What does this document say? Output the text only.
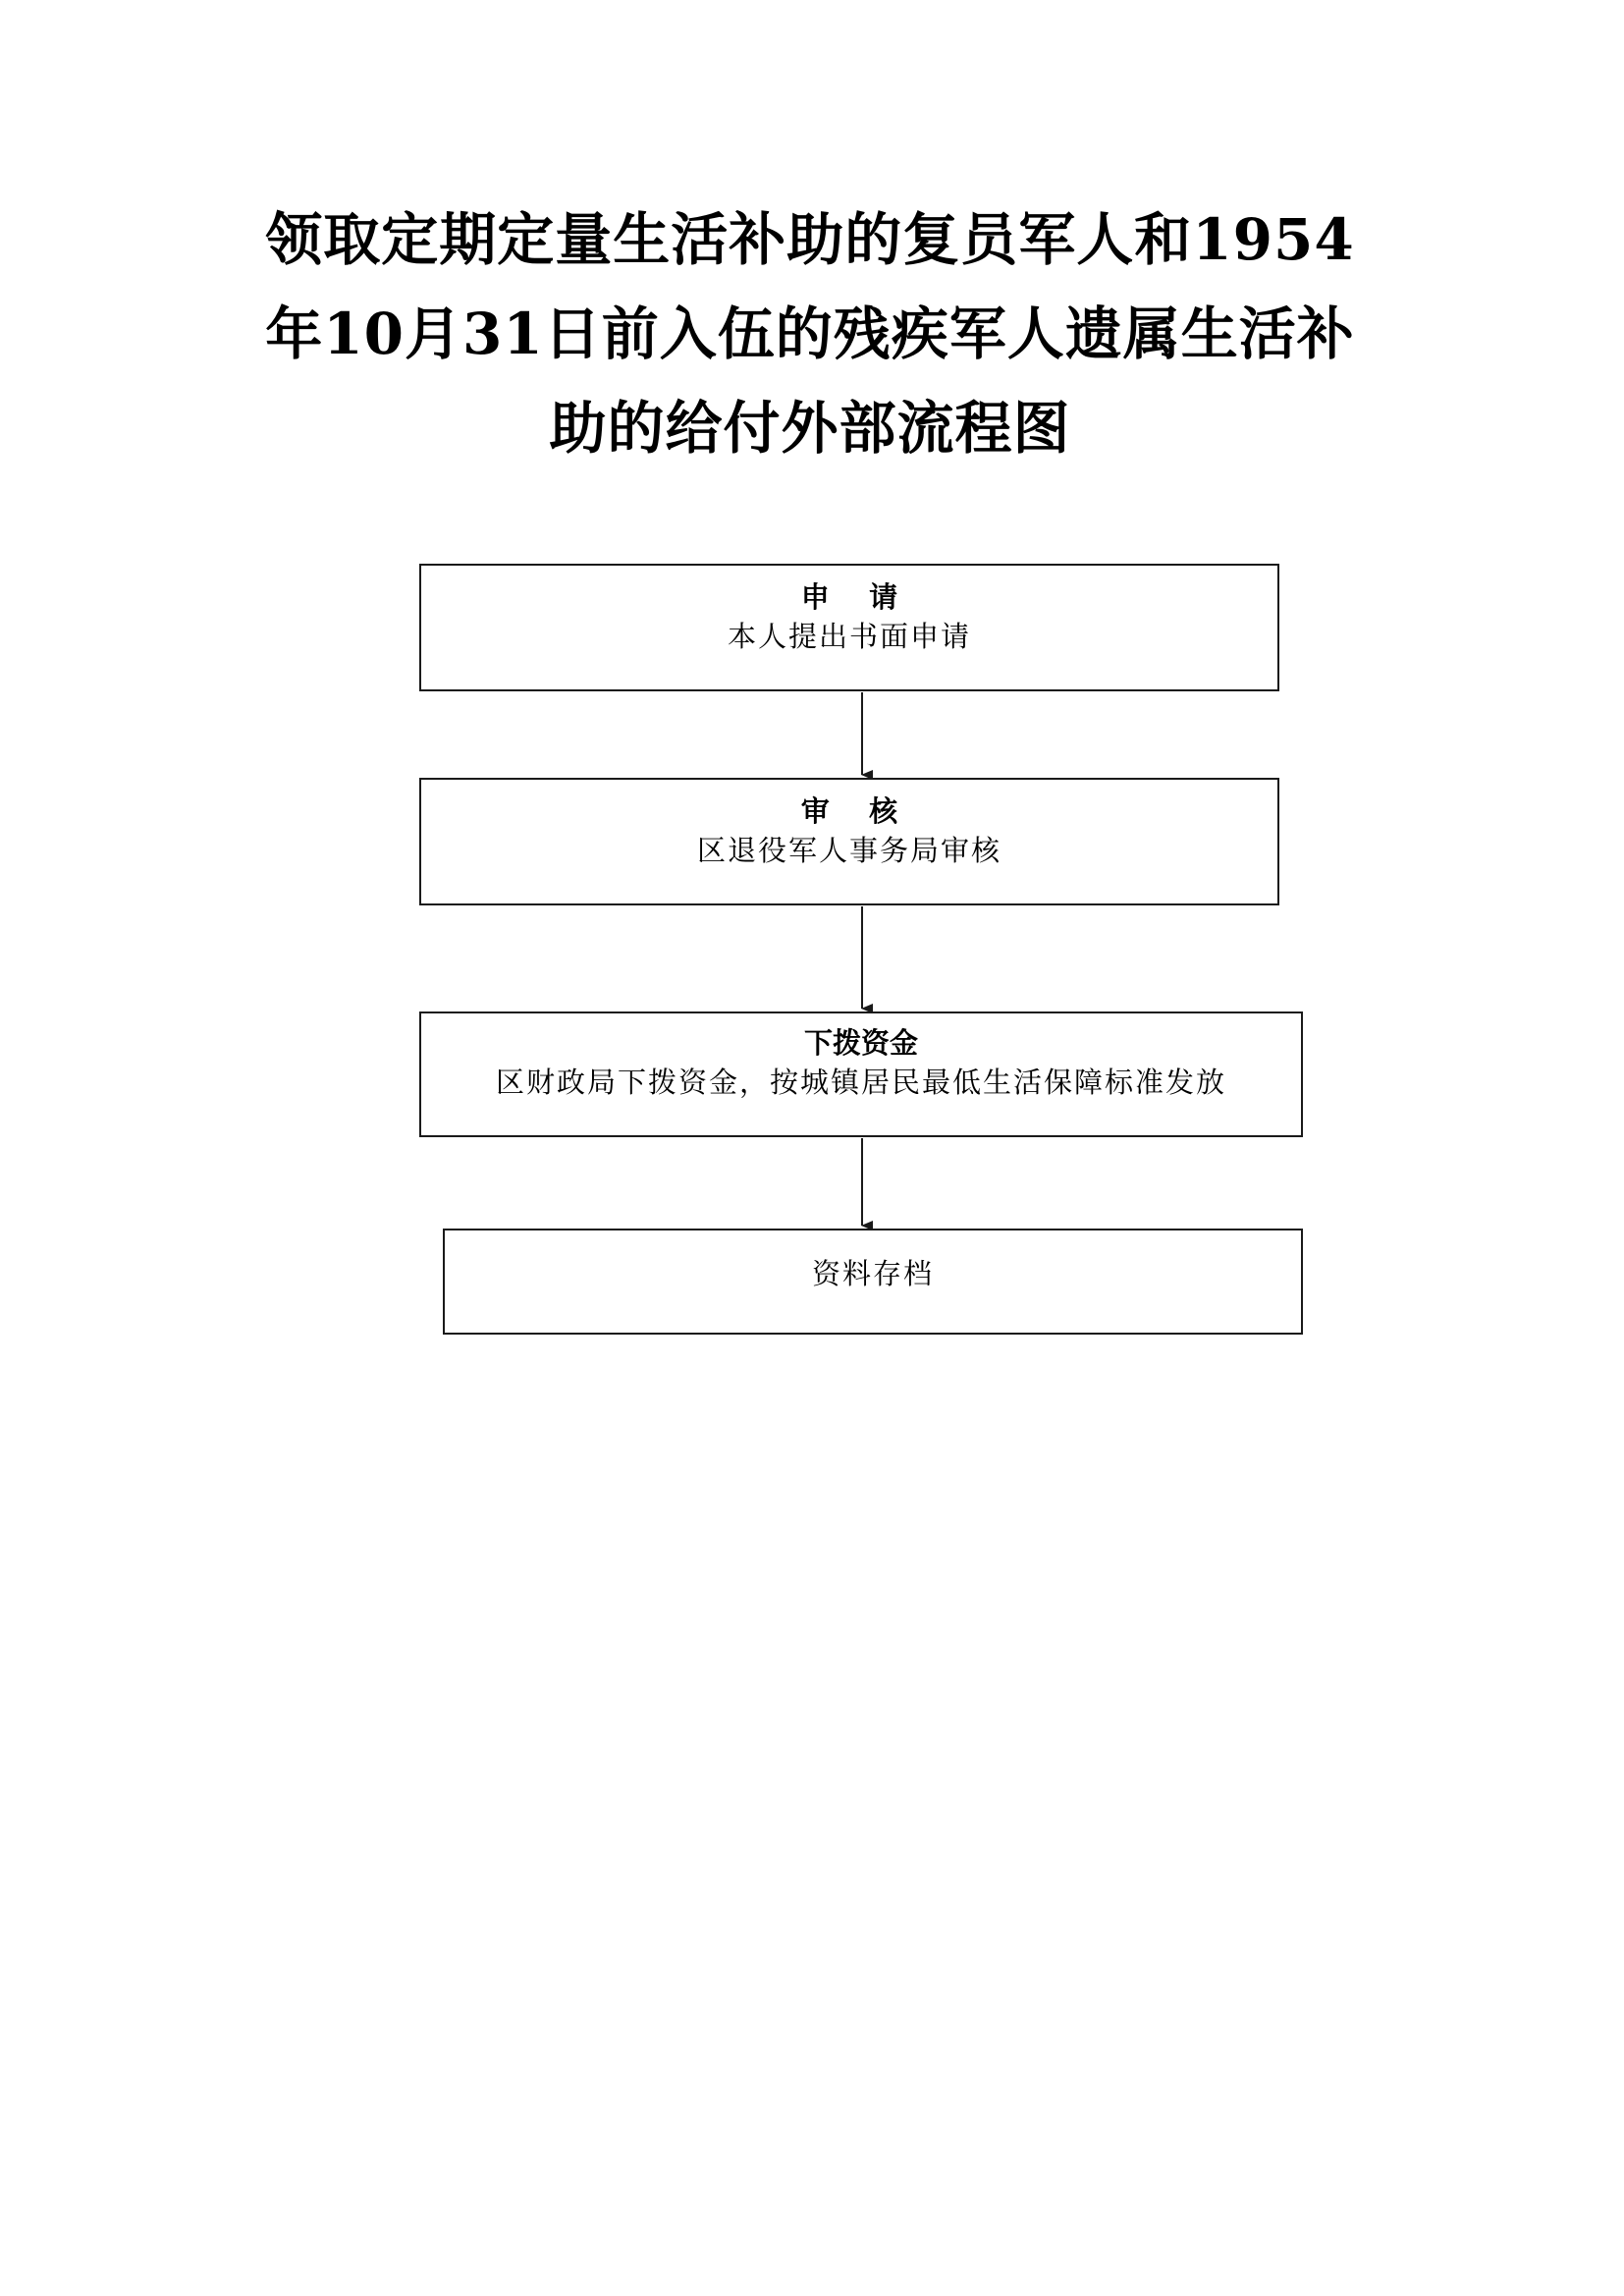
领取定期定量生活补助的复员军人和1954
年10月31日前入伍的残疾军人遗属生活补
助的给付外部流程图
申    请
本人提出书面申请
审    核
区退役军人事务局审核
下拨资金
区财政局下拨资金，按城镇居民最低生活保障标准发放
资料存档
